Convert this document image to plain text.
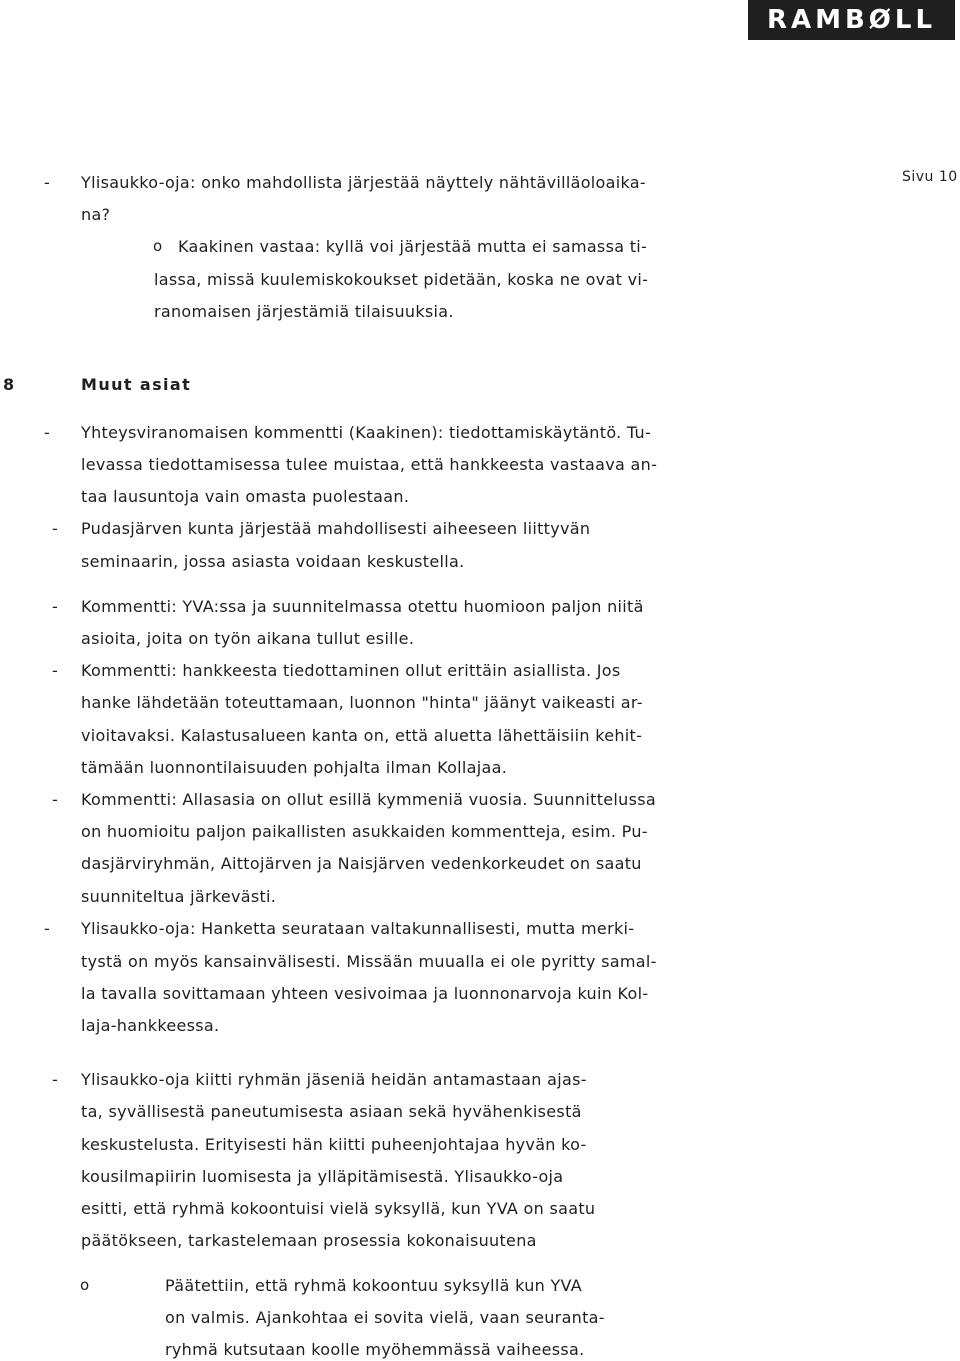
RAMBØLL
Sivu 10
- Ylisaukko-oja: onko mahdollista järjestää näyttely nähtävilläoloaika-
na?
o Kaakinen vastaa: kyllä voi järjestää mutta ei samassa ti-
lassa, missä kuulemiskokoukset pidetään, koska ne ovat vi-
ranomaisen järjestämiä tilaisuuksia.
8	Muut asiat
- Yhteysviranomaisen kommentti (Kaakinen): tiedottamiskäytäntö. Tu-
levassa tiedottamisessa tulee muistaa, että hankkeesta vastaava an-
taa lausuntoja vain omasta puolestaan.
- Pudasjärven kunta järjestää mahdollisesti aiheeseen liittyvän
seminaarin, jossa asiasta voidaan keskustella.
- Kommentti: YVA:ssa ja suunnitelmassa otettu huomioon paljon niitä
asioita, joita on työn aikana tullut esille.
- Kommentti: hankkeesta tiedottaminen ollut erittäin asiallista. Jos
hanke lähdetään toteuttamaan, luonnon "hinta" jäänyt vaikeasti ar-
vioitavaksi. Kalastusalueen kanta on, että aluetta lähettäisiin kehit-
tämään luonnontilaisuuden pohjalta ilman Kollajaa.
- Kommentti: Allasasia on ollut esillä kymmeniä vuosia. Suunnittelussa
on huomioitu paljon paikallisten asukkaiden kommentteja, esim. Pu-
dasjärviryhmän, Aittojärven ja Naisjärven vedenkorkeudet on saatu
suunniteltua järkevästi.
- Ylisaukko-oja: Hanketta seurataan valtakunnallisesti, mutta merki-
tystä on myös kansainvälisesti. Missään muualla ei ole pyritty samal-
la tavalla sovittamaan yhteen vesivoimaa ja luonnonarvoja kuin Kol-
laja-hankkeessa.
- Ylisaukko-oja kiitti ryhmän jäseniä heidän antamastaan ajas-
ta, syvällisestä paneutumisesta asiaan sekä hyvähenkisestä
keskustelusta. Erityisesti hän kiitti puheenjohtajaa hyvän ko-
kousilmapiirin luomisesta ja ylläpitämisestä. Ylisaukko-oja
esitti, että ryhmä kokoontuisi vielä syksyllä, kun YVA on saatu
päätökseen, tarkastelemaan prosessia kokonaisuutena
o	Päätettiin, että ryhmä kokoontuu syksyllä kun YVA
on valmis. Ajankohtaa ei sovita vielä, vaan seuranta-
ryhmä kutsutaan koolle myöhemmässä vaiheessa.
